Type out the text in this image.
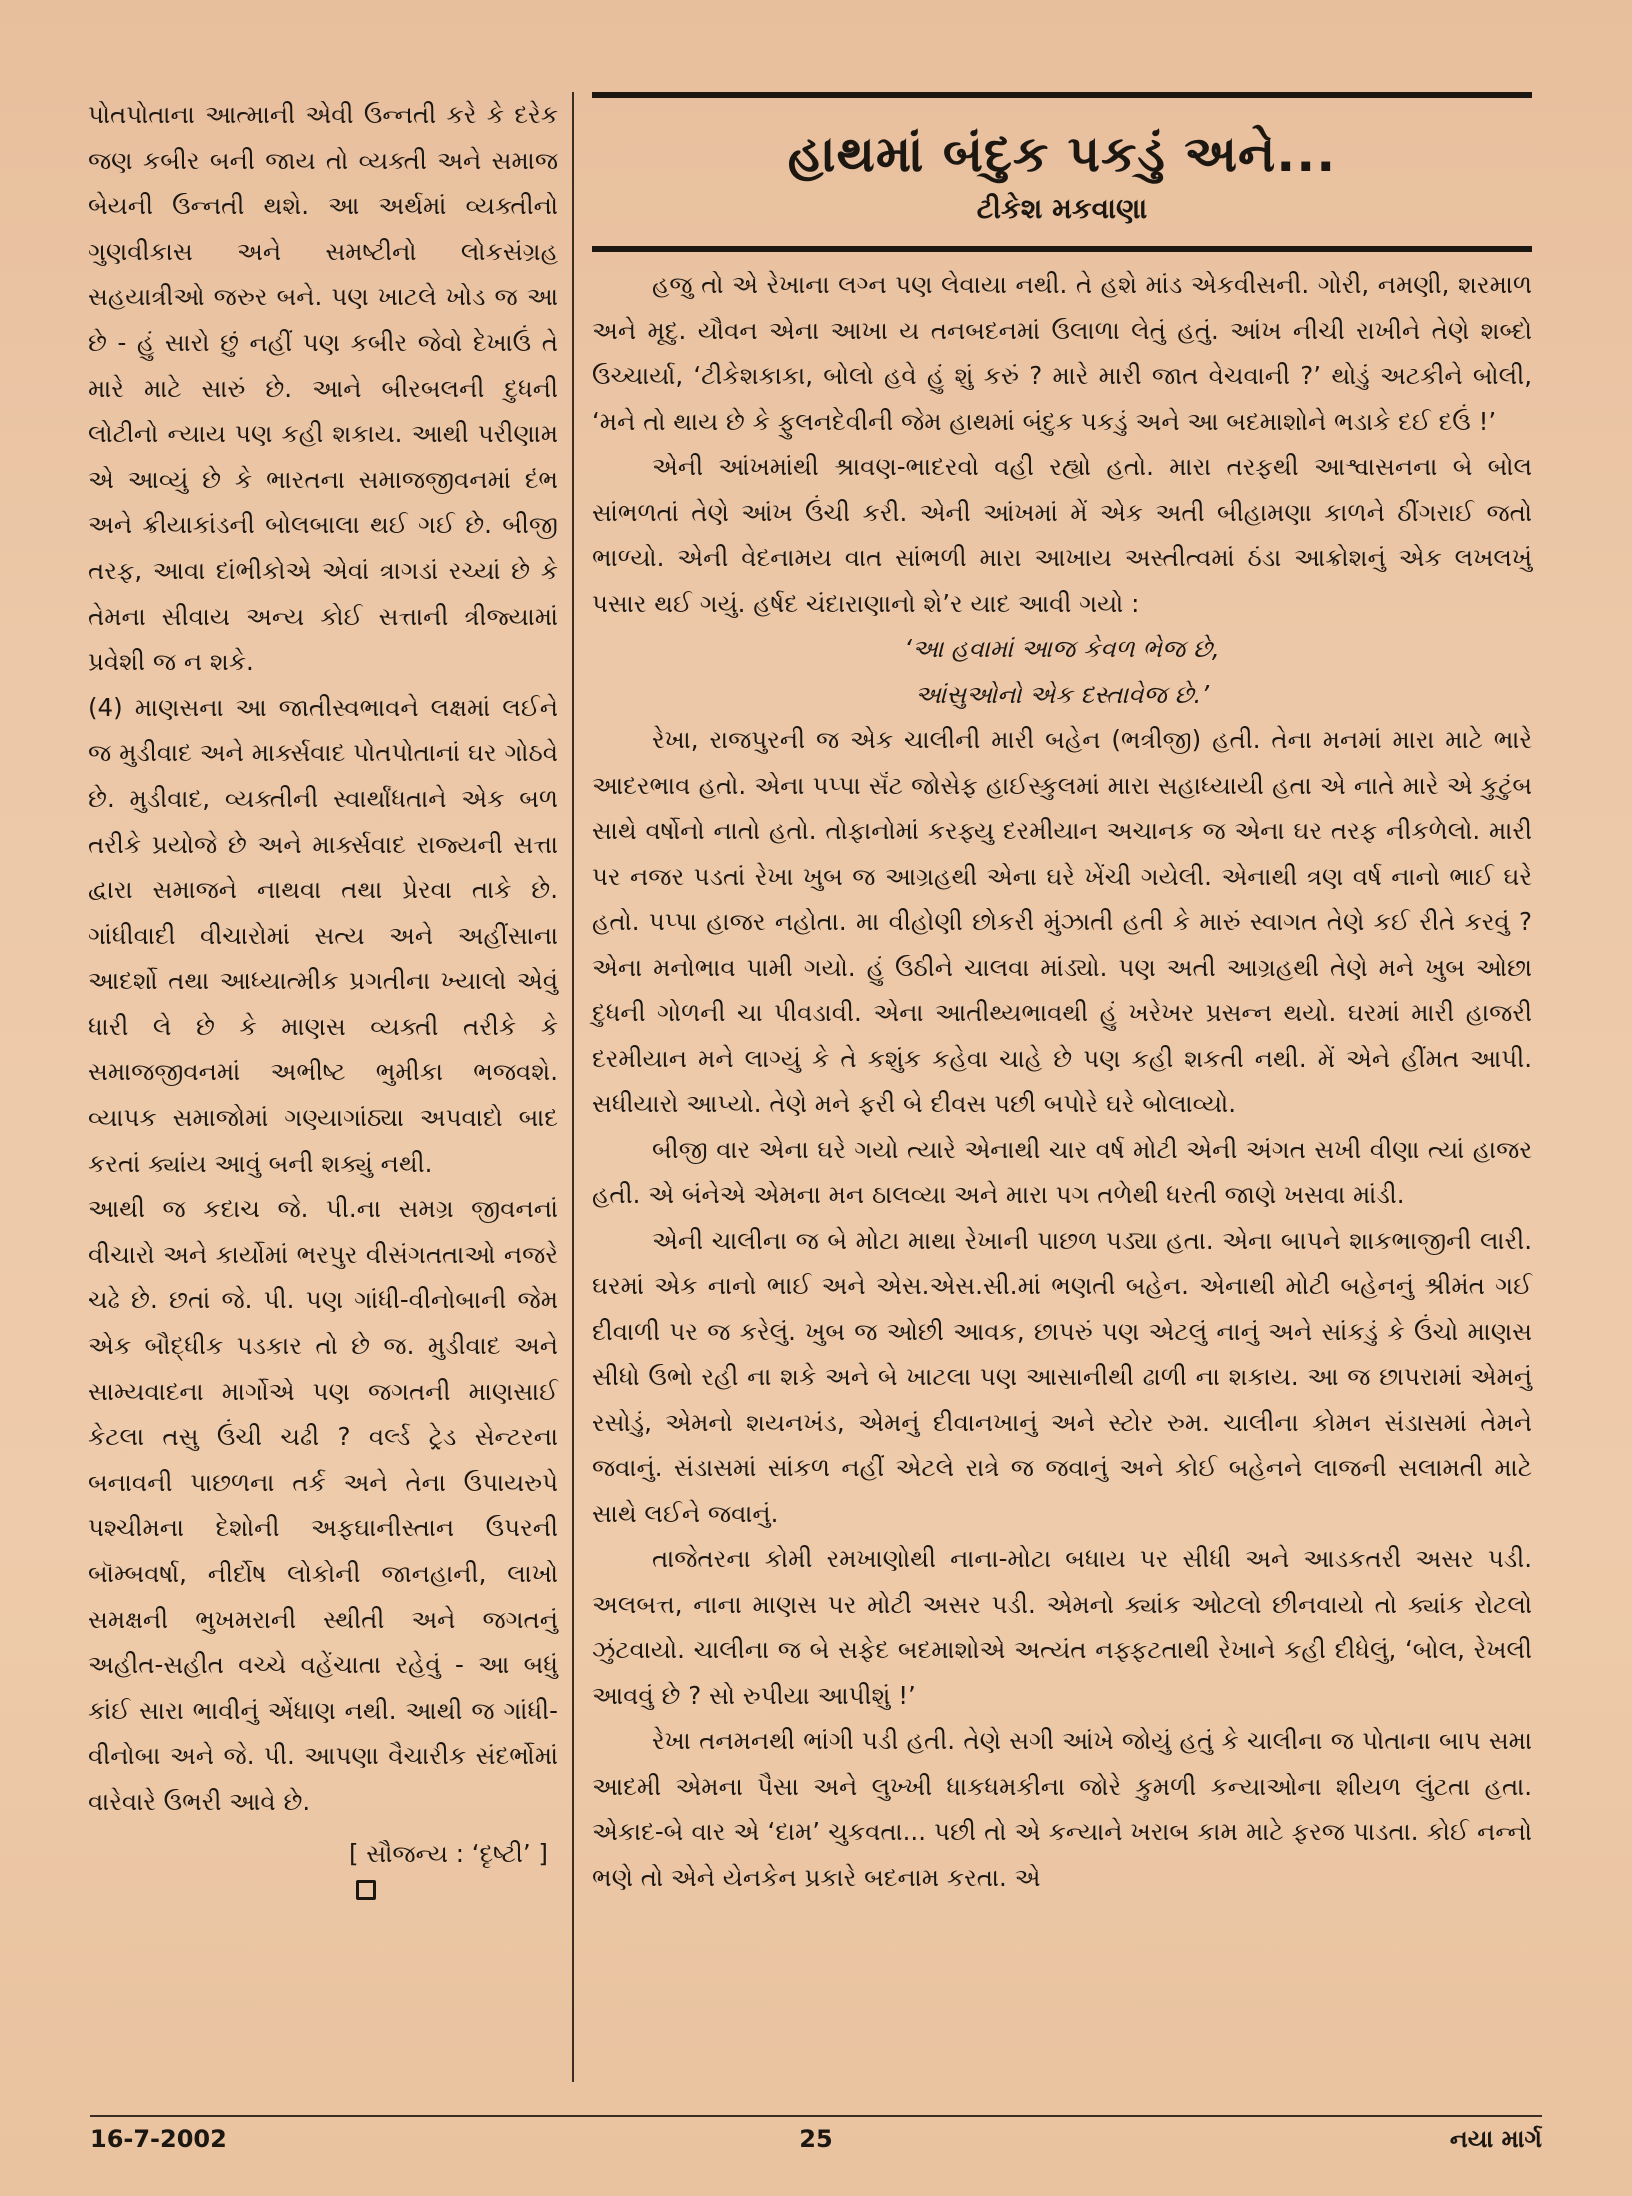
પોતપોતાના આત્માની એવી ઉન્નતી કરે કે દરેક જણ કબીર બની જાય તો વ્યક્તી અને સમાજ બેયની ઉન્નતી થશે. આ અર્થમાં વ્યક્તીનો ગુણવીકાસ અને સમષ્ટીનો લોકસંગ્રહ સહયાત્રીઓ જરુર બને. પણ ખાટલે ખોડ જ આ છે - હું સારો છું નહીં પણ કબીર જેવો દેખાઉં તે મારે માટે સારું છે. આને બીરબલની દુધની લોટીનો ન્યાય પણ કહી શકાય. આથી પરીણામ એ આવ્યું છે કે ભારતના સમાજજીવનમાં દંભ અને ક્રીયાકાંડની બોલબાલા થઈ ગઈ છે. બીજી તરફ, આવા દાંભીકોએ એવાં ત્રાગડાં રચ્યાં છે કે તેમના સીવાય અન્ય કોઈ સત્તાની ત્રીજ્યામાં પ્રવેશી જ ન શકે.

(4) માણસના આ જાતીસ્વભાવને લક્ષમાં લઈને જ મુડીવાદ અને માર્ક્સવાદ પોતપોતાનાં ઘર ગોઠવે છે. મુડીવાદ, વ્યક્તીની સ્વાર્થાંધતાને એક બળ તરીકે પ્રયોજે છે અને માર્ક્સવાદ રાજ્યની સત્તા દ્વારા સમાજને નાથવા તથા પ્રેરવા તાકે છે. ગાંધીવાદી વીચારોમાં સત્ય અને અહીંસાના આદર્શો તથા આધ્યાત્મીક પ્રગતીના ખ્યાલો એવું ધારી લે છે કે માણસ વ્યક્તી તરીકે કે સમાજજીવનમાં અભીષ્ટ ભુમીકા ભજવશે. વ્યાપક સમાજોમાં ગણ્યાગાંઠ્યા અપવાદો બાદ કરતાં ક્યાંય આવું બની શક્યું નથી.

આથી જ કદાચ જે. પી.ના સમગ્ર જીવનનાં વીચારો અને કાર્યોમાં ભરપુર વીસંગતતાઓ નજરે ચઢે છે. છતાં જે. પી. પણ ગાંધી-વીનોબાની જેમ એક બૌદ્ધીક પડકાર તો છે જ. મુડીવાદ અને સામ્યવાદના માર્ગોએ પણ જગતની માણસાઈ કેટલા તસુ ઉંચી ચઢી ? વર્લ્ડ ટ્રેડ સેન્ટરના બનાવની પાછળના તર્ક અને તેના ઉપાયરુપે પશ્ચીમના દેશોની અફઘાનીસ્તાન ઉપરની બૉમ્બવર્ષા, નીર્દોષ લોકોની જાનહાની, લાખો સમક્ષની ભુખમરાની સ્થીતી અને જગતનું અહીત-સહીત વચ્ચે વહેંચાતા રહેવું - આ બધું કાંઈ સારા ભાવીનું એંધાણ નથી. આથી જ ગાંધી-વીનોબા અને જે. પી. આપણા વૈચારીક સંદર્ભોમાં વારેવારે ઉભરી આવે છે.

[ સૌજન્ય : ‘દૃષ્ટી’ ]

હાથમાં બંદુક પકડું અને...
ટીકેશ મકવાણા

હજુ તો એ રેખાના લગ્ન પણ લેવાયા નથી. તે હશે માંડ એકવીસની. ગોરી, નમણી, શરમાળ અને મૃદુ. યૌવન એના આખા ય તનબદનમાં ઉલાળા લેતું હતું. આંખ નીચી રાખીને તેણે શબ્દો ઉચ્ચાર્યા, ‘ટીકેશકાકા, બોલો હવે હું શું કરું ? મારે મારી જાત વેચવાની ?’ થોડું અટકીને બોલી, ‘મને તો થાય છે કે ફુલનદેવીની જેમ હાથમાં બંદુક પકડું અને આ બદમાશોને ભડાકે દઈ દઉં !’

એની આંખમાંથી શ્રાવણ-ભાદરવો વહી રહ્યો હતો. મારા તરફથી આશ્વાસનના બે બોલ સાંભળતાં તેણે આંખ ઉંચી કરી. એની આંખમાં મેં એક અતી બીહામણા કાળને ઠીંગરાઈ જતો ભાળ્યો. એની વેદનામય વાત સાંભળી મારા આખાય અસ્તીત્વમાં ઠંડા આક્રોશનું એક લખલખું પસાર થઈ ગયું. હર્ષદ ચંદારાણાનો શે’ર યાદ આવી ગયો :

‘આ હવામાં આજ કેવળ ભેજ છે,

આંસુઓનો એક દસ્તાવેજ છે.’

રેખા, રાજપુરની જ એક ચાલીની મારી બહેન (ભત્રીજી) હતી. તેના મનમાં મારા માટે ભારે આદરભાવ હતો. એના પપ્પા સૅંટ જોસેફ હાઈસ્કુલમાં મારા સહાધ્યાયી હતા એ નાતે મારે એ કુટુંબ સાથે વર્ષોનો નાતો હતો. તોફાનોમાં કરફ્યુ દરમીયાન અચાનક જ એના ઘર તરફ નીકળેલો. મારી પર નજર પડતાં રેખા ખુબ જ આગ્રહથી એના ઘરે ખેંચી ગયેલી. એનાથી ત્રણ વર્ષ નાનો ભાઈ ઘરે હતો. પપ્પા હાજર નહોતા. મા વીહોણી છોકરી મુંઝાતી હતી કે મારું સ્વાગત તેણે કઈ રીતે કરવું ? એના મનોભાવ પામી ગયો. હું ઉઠીને ચાલવા માંડ્યો. પણ અતી આગ્રહથી તેણે મને ખુબ ઓછા દુધની ગોળની ચા પીવડાવી. એના આતીથ્યભાવથી હું ખરેખર પ્રસન્ન થયો. ઘરમાં મારી હાજરી દરમીયાન મને લાગ્યું કે તે કશુંક કહેવા ચાહે છે પણ કહી શકતી નથી. મેં એને હીંમત આપી. સધીયારો આપ્યો. તેણે મને ફરી બે દીવસ પછી બપોરે ઘરે બોલાવ્યો.

બીજી વાર એના ઘરે ગયો ત્યારે એનાથી ચાર વર્ષ મોટી એની અંગત સખી વીણા ત્યાં હાજર હતી. એ બંનેએ એમના મન ઠાલવ્યા અને મારા પગ તળેથી ધરતી જાણે ખસવા માંડી.

એની ચાલીના જ બે મોટા માથા રેખાની પાછળ પડ્યા હતા. એના બાપને શાકભાજીની લારી. ઘરમાં એક નાનો ભાઈ અને એસ.એસ.સી.માં ભણતી બહેન. એનાથી મોટી બહેનનું શ્રીમંત ગઈ દીવાળી પર જ કરેલું. ખુબ જ ઓછી આવક, છાપરું પણ એટલું નાનું અને સાંકડું કે ઉંચો માણસ સીધો ઉભો રહી ના શકે અને બે ખાટલા પણ આસાનીથી ઢાળી ના શકાય. આ જ છાપરામાં એમનું રસોડું, એમનો શયનખંડ, એમનું દીવાનખાનું અને સ્ટોર રુમ. ચાલીના કોમન સંડાસમાં તેમને જવાનું. સંડાસમાં સાંકળ નહીં એટલે રાત્રે જ જવાનું અને કોઈ બહેનને લાજની સલામતી માટે સાથે લઈને જવાનું.

તાજેતરના કોમી રમખાણોથી નાના-મોટા બધાય પર સીધી અને આડકતરી અસર પડી. અલબત્ત, નાના માણસ પર મોટી અસર પડી. એમનો ક્યાંક ઓટલો છીનવાયો તો ક્યાંક રોટલો ઝુંટવાયો. ચાલીના જ બે સફેદ બદમાશોએ અત્યંત નફ્ફટતાથી રેખાને કહી દીધેલું, ‘બોલ, રેખલી આવવું છે ? સો રુપીયા આપીશું !’

રેખા તનમનથી ભાંગી પડી હતી. તેણે સગી આંખે જોયું હતું કે ચાલીના જ પોતાના બાપ સમા આદમી એમના પૈસા અને લુખ્ખી ધાકધમકીના જોરે કુમળી કન્યાઓના શીયળ લુંટતા હતા. એકાદ-બે વાર એ ‘દામ’ ચુકવતા... પછી તો એ કન્યાને ખરાબ કામ માટે ફરજ પાડતા. કોઈ નન્નો ભણે તો એને યેનકેન પ્રકારે બદનામ કરતા. એ

16-7-2002	25	નયા માર્ગ
